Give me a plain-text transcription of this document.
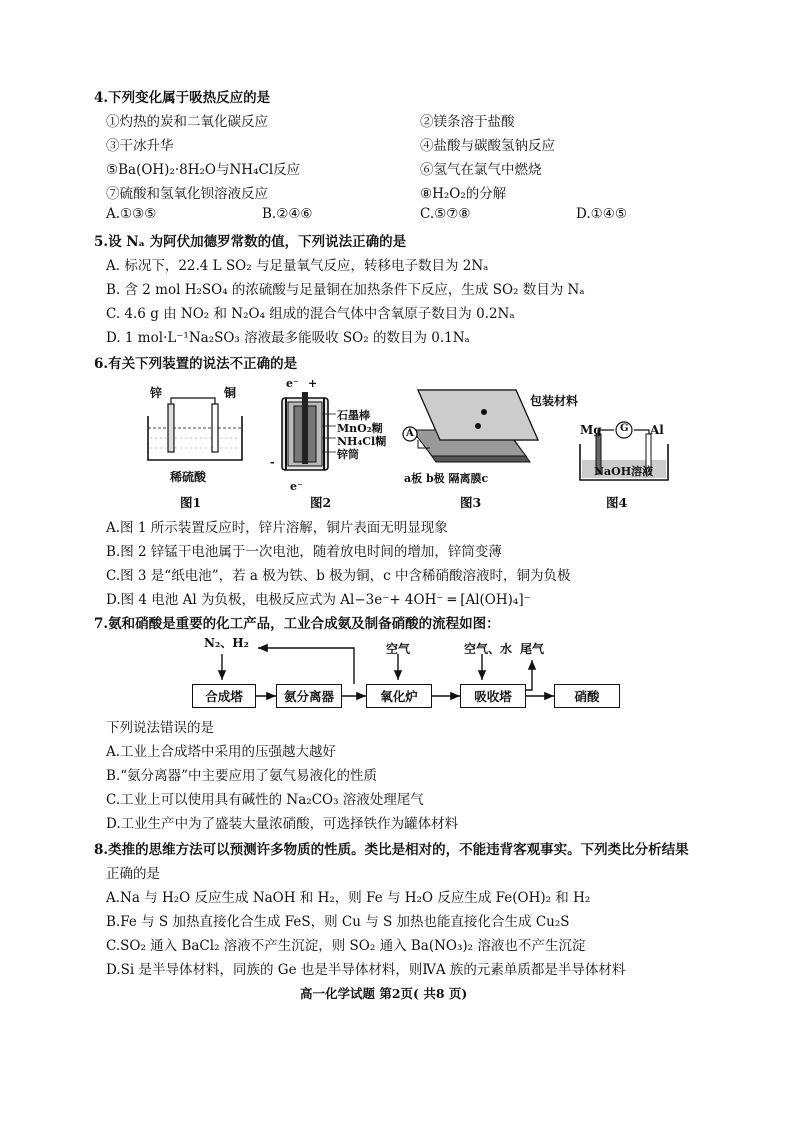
4.下列变化属于吸热反应的是
①灼热的炭和二氧化碳反应	②镁条溶于盐酸
③干冰升华	④盐酸与碳酸氢钠反应
⑤Ba(OH)₂·8H₂O与NH₄Cl反应	⑥氢气在氯气中燃烧
⑦硫酸和氢氧化钡溶液反应	⑧H₂O₂的分解
A.①③⑤	B.②④⑥	C.⑤⑦⑧	D.①④⑤
5.设 Nₐ 为阿伏加德罗常数的值，下列说法正确的是
A. 标况下，22.4 L SO₂ 与足量氧气反应，转移电子数目为 2Nₐ
B. 含 2 mol H₂SO₄ 的浓硫酸与足量铜在加热条件下反应，生成 SO₂ 数目为 Nₐ
C. 4.6 g 由 NO₂ 和 N₂O₄ 组成的混合气体中含氧原子数目为 0.2Nₐ
D. 1 mol·L⁻¹Na₂SO₃ 溶液最多能吸收 SO₂ 的数目为 0.1Nₐ
6.有关下列装置的说法不正确的是
锌	铜
稀硫酸
图1
e⁻ +
e⁻
-
石墨棒
MnO₂糊
NH₄Cl糊
锌筒
图2
A
包装材料
a板 b极 隔离膜c
图3
Mg G Al
NaOH溶液
图4
A.图 1 所示装置反应时，锌片溶解，铜片表面无明显现象
B.图 2 锌锰干电池属于一次电池，随着放电时间的增加，锌筒变薄
C.图 3 是“纸电池”，若 a 极为铁、b 极为铜，c 中含稀硝酸溶液时，铜为负极
D.图 4 电池 Al 为负极，电极反应式为 Al−3e⁻+ 4OH⁻ ═ [Al(OH)₄]⁻
7.氨和硝酸是重要的化工产品，工业合成氨及制备硝酸的流程如图：
N₂、H₂	空气	空气、水 尾气
合成塔	氨分离器	氧化炉	吸收塔	硝酸
下列说法错误的是
A.工业上合成塔中采用的压强越大越好
B.“氨分离器”中主要应用了氨气易液化的性质
C.工业上可以使用具有碱性的 Na₂CO₃ 溶液处理尾气
D.工业生产中为了盛装大量浓硝酸，可选择铁作为罐体材料
8.类推的思维方法可以预测许多物质的性质。类比是相对的，不能违背客观事实。下列类比分析结果
正确的是
A.Na 与 H₂O 反应生成 NaOH 和 H₂，则 Fe 与 H₂O 反应生成 Fe(OH)₂ 和 H₂
B.Fe 与 S 加热直接化合生成 FeS，则 Cu 与 S 加热也能直接化合生成 Cu₂S
C.SO₂ 通入 BaCl₂ 溶液不产生沉淀，则 SO₂ 通入 Ba(NO₃)₂ 溶液也不产生沉淀
D.Si 是半导体材料，同族的 Ge 也是半导体材料，则ⅣA 族的元素单质都是半导体材料
高一化学试题 第2页( 共8 页)
